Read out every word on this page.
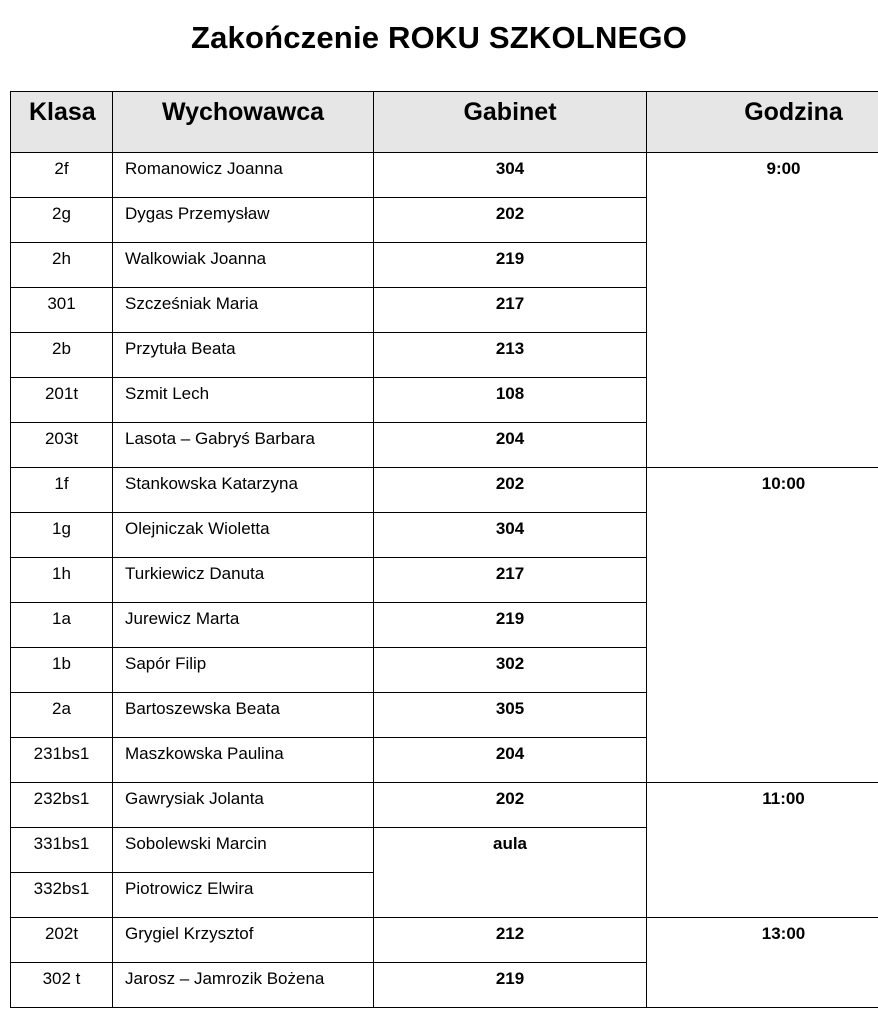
Zakończenie ROKU SZKOLNEGO
Klasa	Wychowawca	Gabinet	Godzina
2f	Romanowicz Joanna	304	9:00
2g	Dygas Przemysław	202	
2h	Walkowiak Joanna	219	
301	Szcześniak Maria	217	
2b	Przytuła Beata	213	
201t	Szmit Lech	108	
203t	Lasota – Gabryś Barbara	204	
1f	Stankowska Katarzyna	202	10:00
1g	Olejniczak Wioletta	304	
1h	Turkiewicz Danuta	217	
1a	Jurewicz Marta	219	
1b	Sapór Filip	302	
2a	Bartoszewska Beata	305	
231bs1	Maszkowska Paulina	204	
232bs1	Gawrysiak Jolanta	202	11:00
331bs1	Sobolewski Marcin	aula	
332bs1	Piotrowicz Elwira		
202t	Grygiel Krzysztof	212	13:00
302 t	Jarosz – Jamrozik Bożena	219	
